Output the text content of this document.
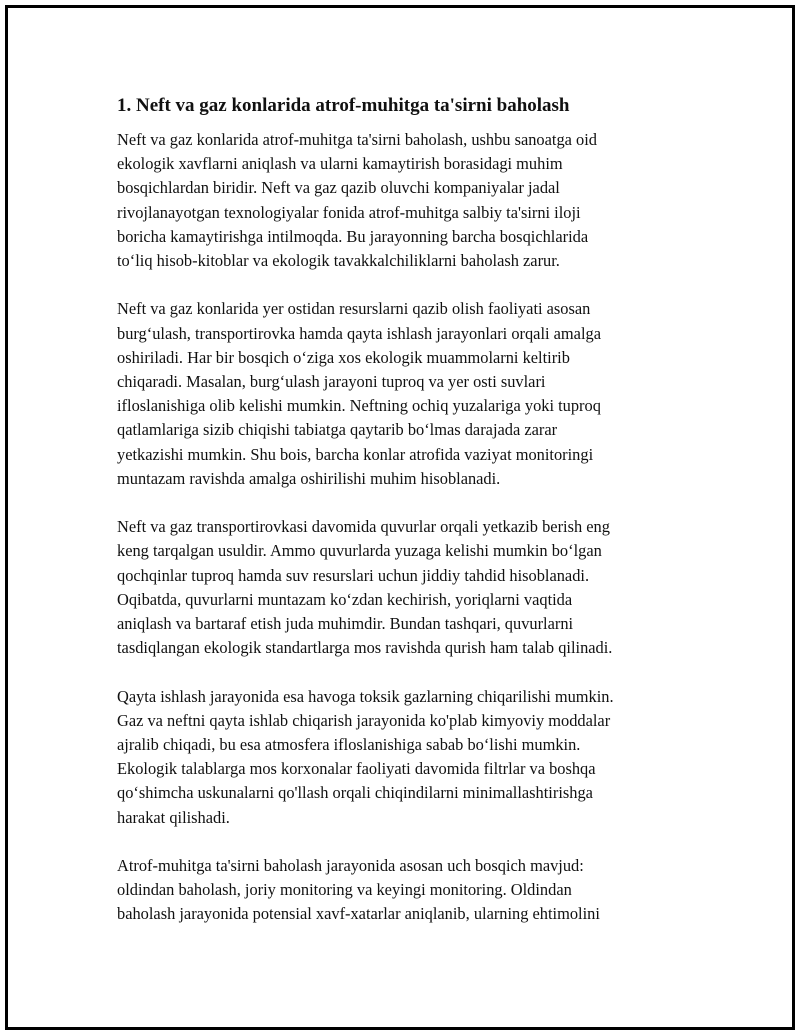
1. Neft va gaz konlarida atrof-muhitga ta'sirni baholash

Neft va gaz konlarida atrof-muhitga ta'sirni baholash, ushbu sanoatga oid
ekologik xavflarni aniqlash va ularni kamaytirish borasidagi muhim
bosqichlardan biridir. Neft va gaz qazib oluvchi kompaniyalar jadal
rivojlanayotgan texnologiyalar fonida atrof-muhitga salbiy ta'sirni iloji
boricha kamaytirishga intilmoqda. Bu jarayonning barcha bosqichlarida
to‘liq hisob-kitoblar va ekologik tavakkalchiliklarni baholash zarur.

Neft va gaz konlarida yer ostidan resurslarni qazib olish faoliyati asosan
burg‘ulash, transportirovka hamda qayta ishlash jarayonlari orqali amalga
oshiriladi. Har bir bosqich o‘ziga xos ekologik muammolarni keltirib
chiqaradi. Masalan, burg‘ulash jarayoni tuproq va yer osti suvlari
ifloslanishiga olib kelishi mumkin. Neftning ochiq yuzalariga yoki tuproq
qatlamlariga sizib chiqishi tabiatga qaytarib bo‘lmas darajada zarar
yetkazishi mumkin. Shu bois, barcha konlar atrofida vaziyat monitoringi
muntazam ravishda amalga oshirilishi muhim hisoblanadi.

Neft va gaz transportirovkasi davomida quvurlar orqali yetkazib berish eng
keng tarqalgan usuldir. Ammo quvurlarda yuzaga kelishi mumkin bo‘lgan
qochqinlar tuproq hamda suv resurslari uchun jiddiy tahdid hisoblanadi.
Oqibatda, quvurlarni muntazam ko‘zdan kechirish, yoriqlarni vaqtida
aniqlash va bartaraf etish juda muhimdir. Bundan tashqari, quvurlarni
tasdiqlangan ekologik standartlarga mos ravishda qurish ham talab qilinadi.

Qayta ishlash jarayonida esa havoga toksik gazlarning chiqarilishi mumkin.
Gaz va neftni qayta ishlab chiqarish jarayonida ko'plab kimyoviy moddalar
ajralib chiqadi, bu esa atmosfera ifloslanishiga sabab bo‘lishi mumkin.
Ekologik talablarga mos korxonalar faoliyati davomida filtrlar va boshqa
qo‘shimcha uskunalarni qo'llash orqali chiqindilarni minimallashtirishga
harakat qilishadi.

Atrof-muhitga ta'sirni baholash jarayonida asosan uch bosqich mavjud:
oldindan baholash, joriy monitoring va keyingi monitoring. Oldindan
baholash jarayonida potensial xavf-xatarlar aniqlanib, ularning ehtimolini
